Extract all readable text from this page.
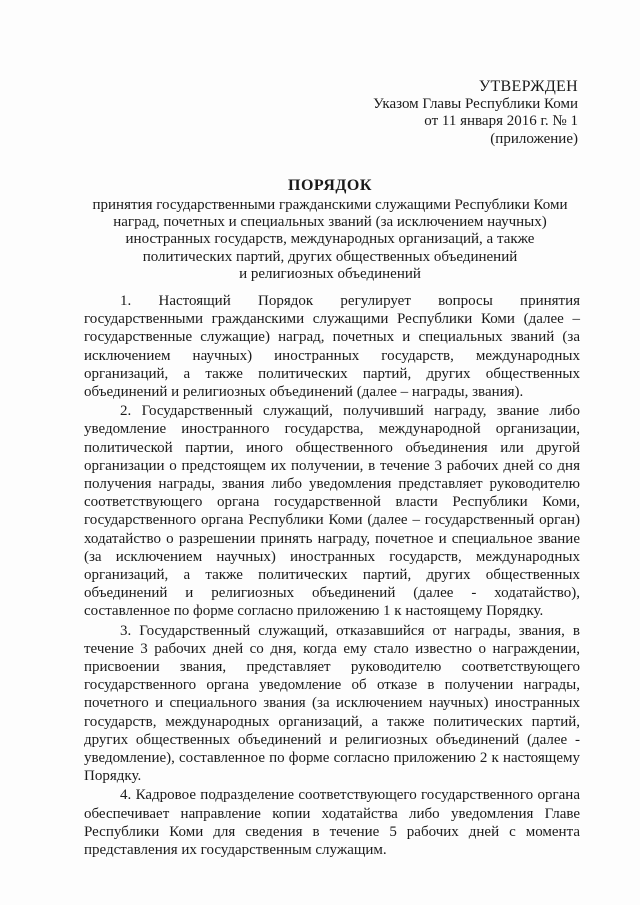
УТВЕРЖДЕН
Указом Главы Республики Коми
от 11 января 2016 г. № 1
(приложение)
ПОРЯДОК
принятия государственными гражданскими служащими Республики Коми
наград, почетных и специальных званий (за исключением научных)
иностранных государств, международных организаций, а также
политических партий, других общественных объединений
и религиозных объединений

1. Настоящий Порядок регулирует вопросы принятия государственными гражданскими служащими Республики Коми (далее – государственные служащие) наград, почетных и специальных званий (за исключением научных) иностранных государств, международных организаций, а также политических партий, других общественных объединений и религиозных объединений (далее – награды, звания).

2. Государственный служащий, получивший награду, звание либо уведомление иностранного государства, международной организации, политической партии, иного общественного объединения или другой организации о предстоящем их получении, в течение 3 рабочих дней со дня получения награды, звания либо уведомления представляет руководителю соответствующего органа государственной власти Республики Коми, государственного органа Республики Коми (далее – государственный орган) ходатайство о разрешении принять награду, почетное и специальное звание (за исключением научных) иностранных государств, международных организаций, а также политических партий, других общественных объединений и религиозных объединений (далее - ходатайство), составленное по форме согласно приложению 1 к настоящему Порядку.

3. Государственный служащий, отказавшийся от награды, звания, в течение 3 рабочих дней со дня, когда ему стало известно о награждении, присвоении звания, представляет руководителю соответствующего государственного органа уведомление об отказе в получении награды, почетного и специального звания (за исключением научных) иностранных государств, международных организаций, а также политических партий, других общественных объединений и религиозных объединений (далее - уведомление), составленное по форме согласно приложению 2 к настоящему Порядку.

4. Кадровое подразделение соответствующего государственного органа обеспечивает направление копии ходатайства либо уведомления Главе Республики Коми для сведения в течение 5 рабочих дней с момента представления их государственным служащим.
